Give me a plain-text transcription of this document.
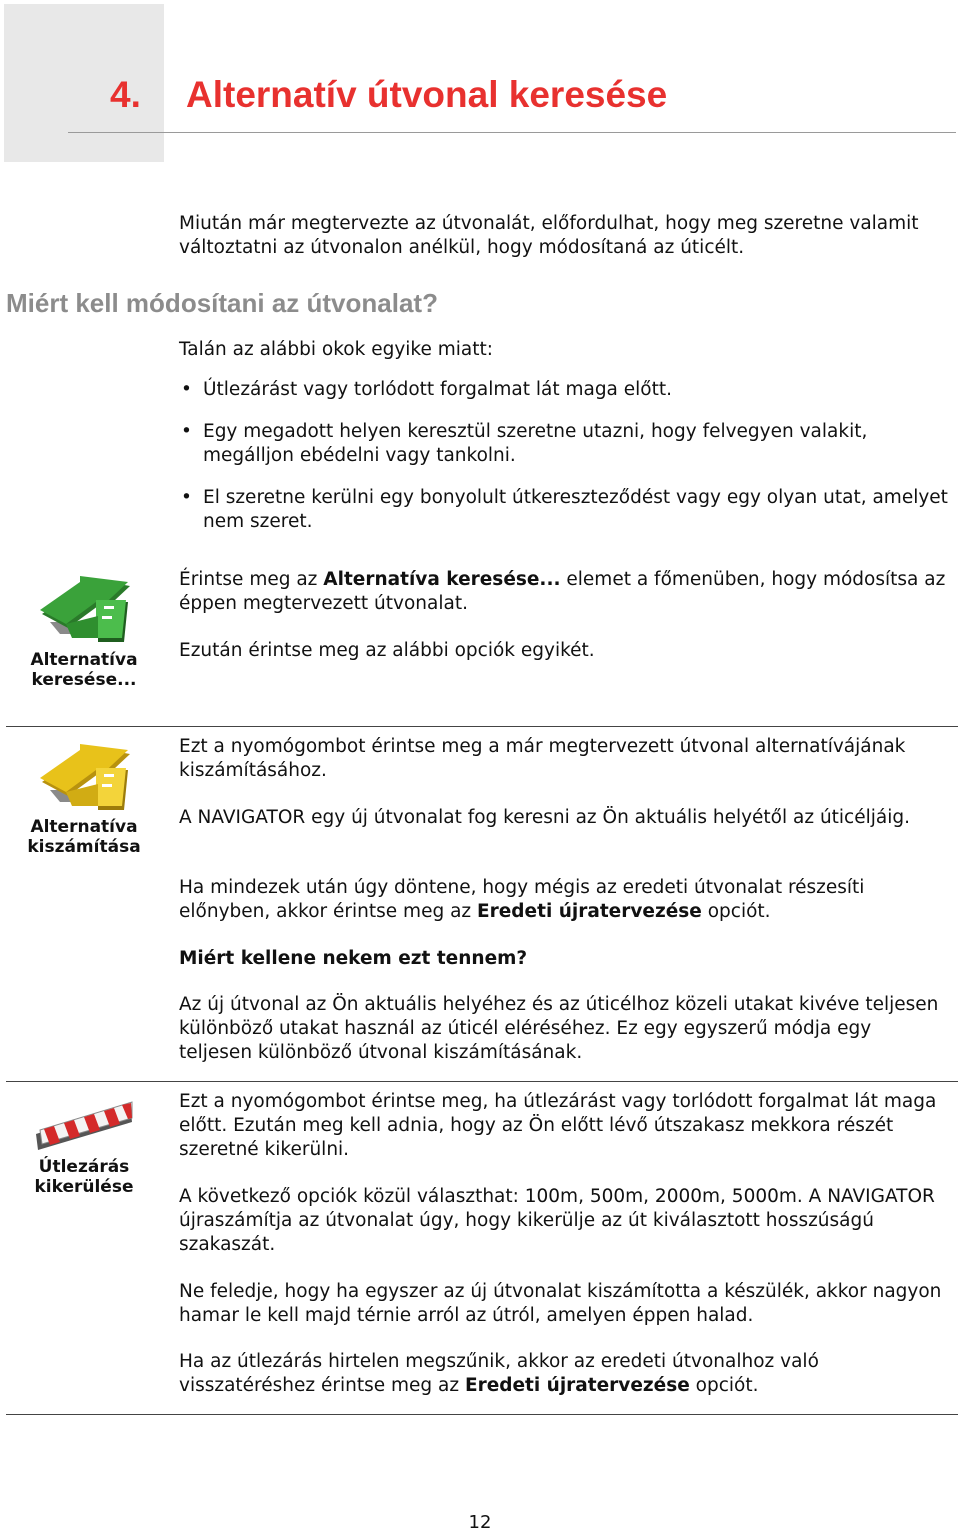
4. Alternatív útvonal keresése

Miután már megtervezte az útvonalát, előfordulhat, hogy meg szeretne valamit változtatni az útvonalon anélkül, hogy módosítaná az úticélt.

Miért kell módosítani az útvonalat?

Talán az alábbi okok egyike miatt:

• Útlezárást vagy torlódott forgalmat lát maga előtt.
• Egy megadott helyen keresztül szeretne utazni, hogy felvegyen valakit, megálljon ebédelni vagy tankolni.
• El szeretne kerülni egy bonyolult útkereszteződést vagy egy olyan utat, amelyet nem szeret.

Alternatíva keresése...

Érintse meg az Alternatíva keresése... elemet a főmenüben, hogy módosítsa az éppen megtervezett útvonalat.

Ezután érintse meg az alábbi opciók egyikét.

Alternatíva kiszámítása

Ezt a nyomógombot érintse meg a már megtervezett útvonal alternatívájának kiszámításához.

A NAVIGATOR egy új útvonalat fog keresni az Ön aktuális helyétől az úticéljáig.

Ha mindezek után úgy döntene, hogy mégis az eredeti útvonalat részesíti előnyben, akkor érintse meg az Eredeti újratervezése opciót.

Miért kellene nekem ezt tennem?

Az új útvonal az Ön aktuális helyéhez és az úticélhoz közeli utakat kivéve teljesen különböző utakat használ az úticél eléréséhez. Ez egy egyszerű módja egy teljesen különböző útvonal kiszámításának.

Útlezárás kikerülése

Ezt a nyomógombot érintse meg, ha útlezárást vagy torlódott forgalmat lát maga előtt. Ezután meg kell adnia, hogy az Ön előtt lévő útszakasz mekkora részét szeretné kikerülni.

A következő opciók közül választhat: 100m, 500m, 2000m, 5000m. A NAVIGATOR újraszámítja az útvonalat úgy, hogy kikerülje az út kiválasztott hosszúságú szakaszát.

Ne feledje, hogy ha egyszer az új útvonalat kiszámította a készülék, akkor nagyon hamar le kell majd térnie arról az útról, amelyen éppen halad.

Ha az útlezárás hirtelen megszűnik, akkor az eredeti útvonalhoz való visszatéréshez érintse meg az Eredeti újratervezése opciót.

12
